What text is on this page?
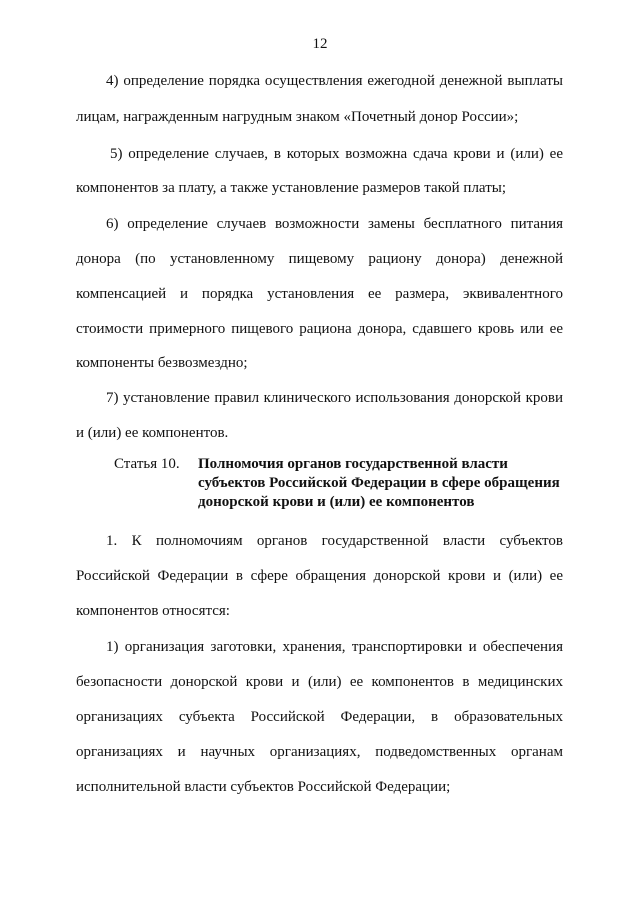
12
4) определение порядка осуществления ежегодной денежной выплаты
лицам, награжденным нагрудным знаком «Почетный донор России»;
5) определение случаев, в которых возможна сдача крови и (или) ее
компонентов за плату, а также установление размеров такой платы;
6) определение случаев возможности замены бесплатного питания
донора (по установленному пищевому рациону донора) денежной
компенсацией и порядка установления ее размера, эквивалентного
стоимости примерного пищевого рациона донора, сдавшего кровь или ее
компоненты безвозмездно;
7) установление правил клинического использования донорской крови
и (или) ее компонентов.
Статья 10. Полномочия органов государственной власти
субъектов Российской Федерации в сфере обращения
донорской крови и (или) ее компонентов
1. К полномочиям органов государственной власти субъектов
Российской Федерации в сфере обращения донорской крови и (или) ее
компонентов относятся:
1) организация заготовки, хранения, транспортировки и обеспечения
безопасности донорской крови и (или) ее компонентов в медицинских
организациях субъекта Российской Федерации, в образовательных
организациях и научных организациях, подведомственных органам
исполнительной власти субъектов Российской Федерации;
